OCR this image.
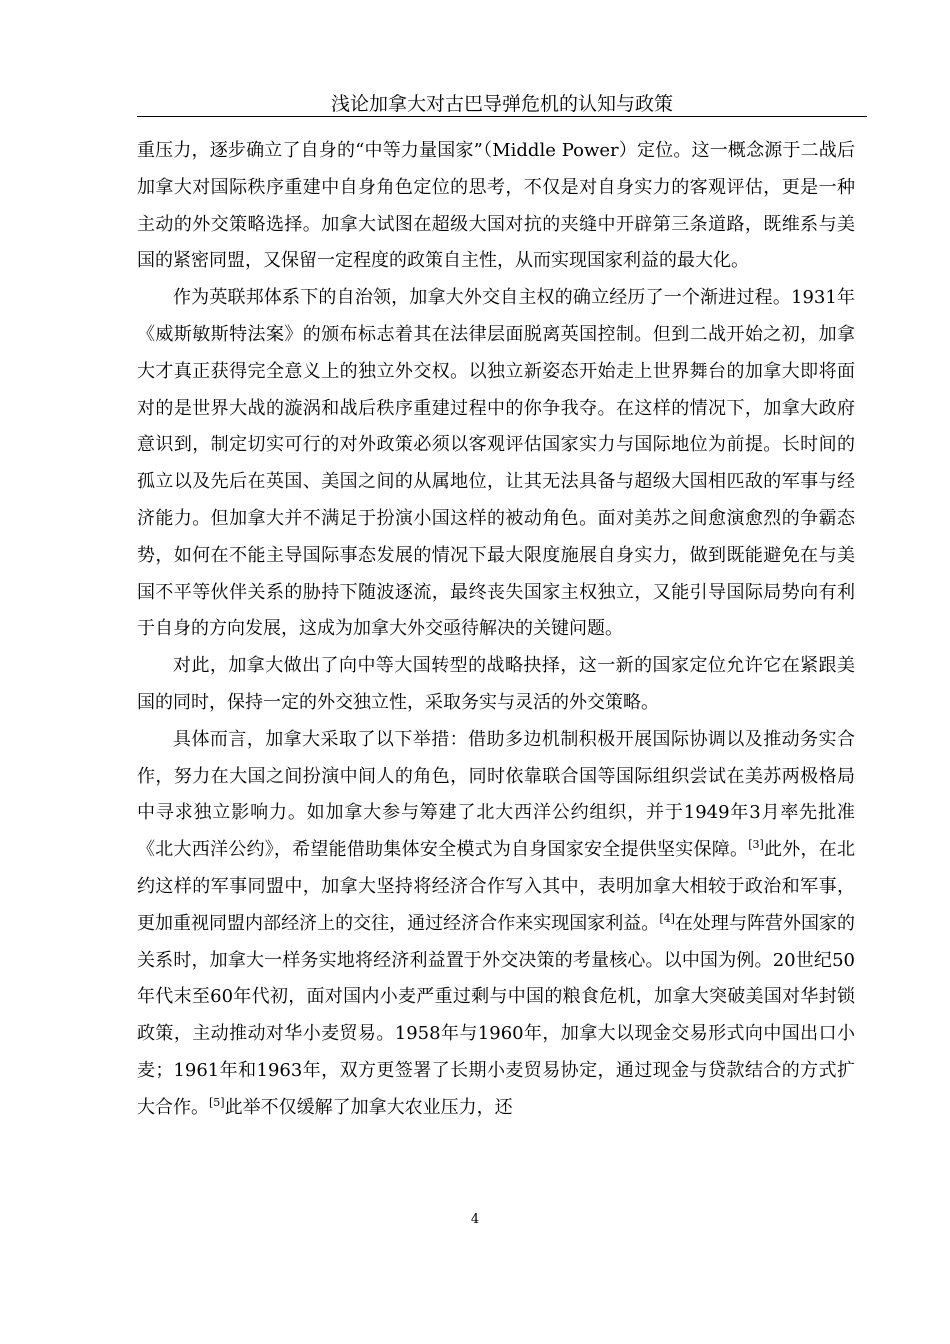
浅论加拿大对古巴导弹危机的认知与政策

重压力，逐步确立了自身的“中等力量国家”（Middle Power）定位。这一概念源于二战后加拿大对国际秩序重建中自身角色定位的思考，不仅是对自身实力的客观评估，更是一种主动的外交策略选择。加拿大试图在超级大国对抗的夹缝中开辟第三条道路，既维系与美国的紧密同盟，又保留一定程度的政策自主性，从而实现国家利益的最大化。

作为英联邦体系下的自治领，加拿大外交自主权的确立经历了一个渐进过程。1931年《威斯敏斯特法案》的颁布标志着其在法律层面脱离英国控制。但到二战开始之初，加拿大才真正获得完全意义上的独立外交权。以独立新姿态开始走上世界舞台的加拿大即将面对的是世界大战的漩涡和战后秩序重建过程中的你争我夺。在这样的情况下，加拿大政府意识到，制定切实可行的对外政策必须以客观评估国家实力与国际地位为前提。长时间的孤立以及先后在英国、美国之间的从属地位，让其无法具备与超级大国相匹敌的军事与经济能力。但加拿大并不满足于扮演小国这样的被动角色。面对美苏之间愈演愈烈的争霸态势，如何在不能主导国际事态发展的情况下最大限度施展自身实力，做到既能避免在与美国不平等伙伴关系的胁持下随波逐流，最终丧失国家主权独立，又能引导国际局势向有利于自身的方向发展，这成为加拿大外交亟待解决的关键问题。

对此，加拿大做出了向中等大国转型的战略抉择，这一新的国家定位允许它在紧跟美国的同时，保持一定的外交独立性，采取务实与灵活的外交策略。

具体而言，加拿大采取了以下举措：借助多边机制积极开展国际协调以及推动务实合作，努力在大国之间扮演中间人的角色，同时依靠联合国等国际组织尝试在美苏两极格局中寻求独立影响力。如加拿大参与筹建了北大西洋公约组织，并于1949年3月率先批准《北大西洋公约》，希望能借助集体安全模式为自身国家安全提供坚实保障。[3]此外，在北约这样的军事同盟中，加拿大坚持将经济合作写入其中，表明加拿大相较于政治和军事，更加重视同盟内部经济上的交往，通过经济合作来实现国家利益。[4]在处理与阵营外国家的关系时，加拿大一样务实地将经济利益置于外交决策的考量核心。以中国为例。20世纪50年代末至60年代初，面对国内小麦严重过剩与中国的粮食危机，加拿大突破美国对华封锁政策，主动推动对华小麦贸易。1958年与1960年，加拿大以现金交易形式向中国出口小麦；1961年和1963年，双方更签署了长期小麦贸易协定，通过现金与贷款结合的方式扩大合作。[5]此举不仅缓解了加拿大农业压力，还

4
